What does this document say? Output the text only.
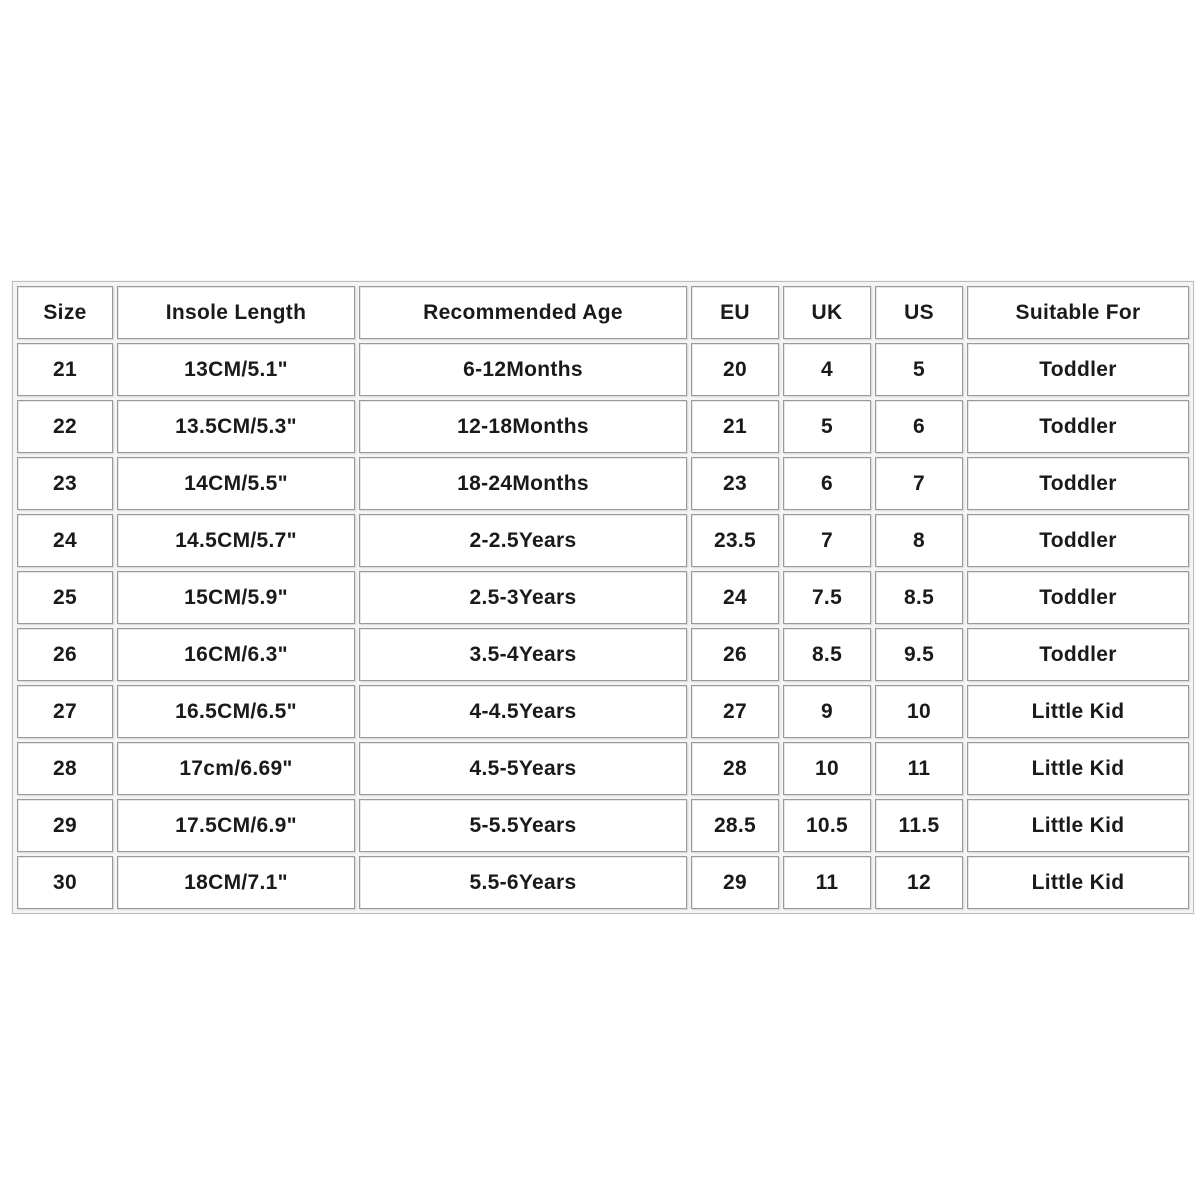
Size	Insole Length	Recommended Age	EU	UK	US	Suitable For
21	13CM/5.1"	6-12Months	20	4	5	Toddler
22	13.5CM/5.3"	12-18Months	21	5	6	Toddler
23	14CM/5.5"	18-24Months	23	6	7	Toddler
24	14.5CM/5.7"	2-2.5Years	23.5	7	8	Toddler
25	15CM/5.9"	2.5-3Years	24	7.5	8.5	Toddler
26	16CM/6.3"	3.5-4Years	26	8.5	9.5	Toddler
27	16.5CM/6.5"	4-4.5Years	27	9	10	Little Kid
28	17cm/6.69"	4.5-5Years	28	10	11	Little Kid
29	17.5CM/6.9"	5-5.5Years	28.5	10.5	11.5	Little Kid
30	18CM/7.1"	5.5-6Years	29	11	12	Little Kid
